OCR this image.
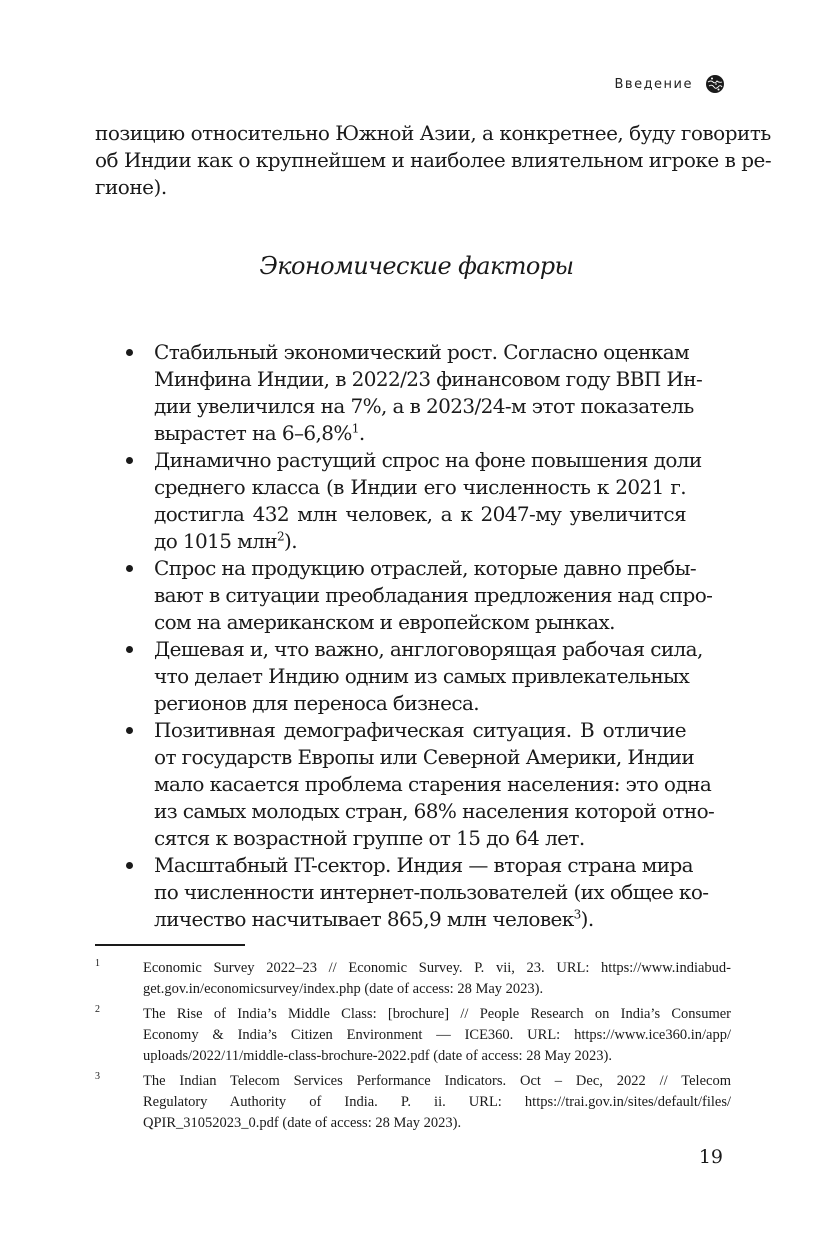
Введение

позицию относительно Южной Азии, а конкретнее, буду говорить
об Индии как о крупнейшем и наиболее влиятельном игроке в ре-
гионе).

Экономические факторы
Стабильный экономический рост. Согласно оценкам
Минфина Индии, в 2022/23 финансовом году ВВП Ин-
дии увеличился на 7%, а в 2023/24-м этот показатель
вырастет на 6–6,8%$^1$.
Динамично растущий спрос на фоне повышения доли
среднего класса (в Индии его численность к 2021 г.
достигла 432 млн человек, а к 2047-му увеличится
до 1015 млн$^2$).
Спрос на продукцию отраслей, которые давно пребы-
вают в ситуации преобладания предложения над спро-
сом на американском и европейском рынках.
Дешевая и, что важно, англоговорящая рабочая сила,
что делает Индию одним из самых привлекательных
регионов для переноса бизнеса.
Позитивная демографическая ситуация. В отличие
от государств Европы или Северной Америки, Индии
мало касается проблема старения населения: это одна
из самых молодых стран, 68% населения которой отно-
сятся к возрастной группе от 15 до 64 лет.
Масштабный IT-сектор. Индия — вторая страна мира
по численности интернет-пользователей (их общее ко-
личество насчитывает 865,9 млн человек$^3$).
1	Economic Survey 2022–23 // Economic Survey. P. vii, 23. URL: https://www.indiabud-
get.gov.in/economicsurvey/index.php (date of access: 28 May 2023).
2	The Rise of India’s Middle Class: [brochure] // People Research on India’s Consumer
Economy & India’s Citizen Environment — ICE360. URL: https://www.ice360.in/app/
uploads/2022/11/middle-class-brochure-2022.pdf (date of access: 28 May 2023).
3	The Indian Telecom Services Performance Indicators. Oct – Dec, 2022 // Telecom
Regulatory Authority of India. P. ii. URL: https://trai.gov.in/sites/default/files/
QPIR_31052023_0.pdf (date of access: 28 May 2023).
19
